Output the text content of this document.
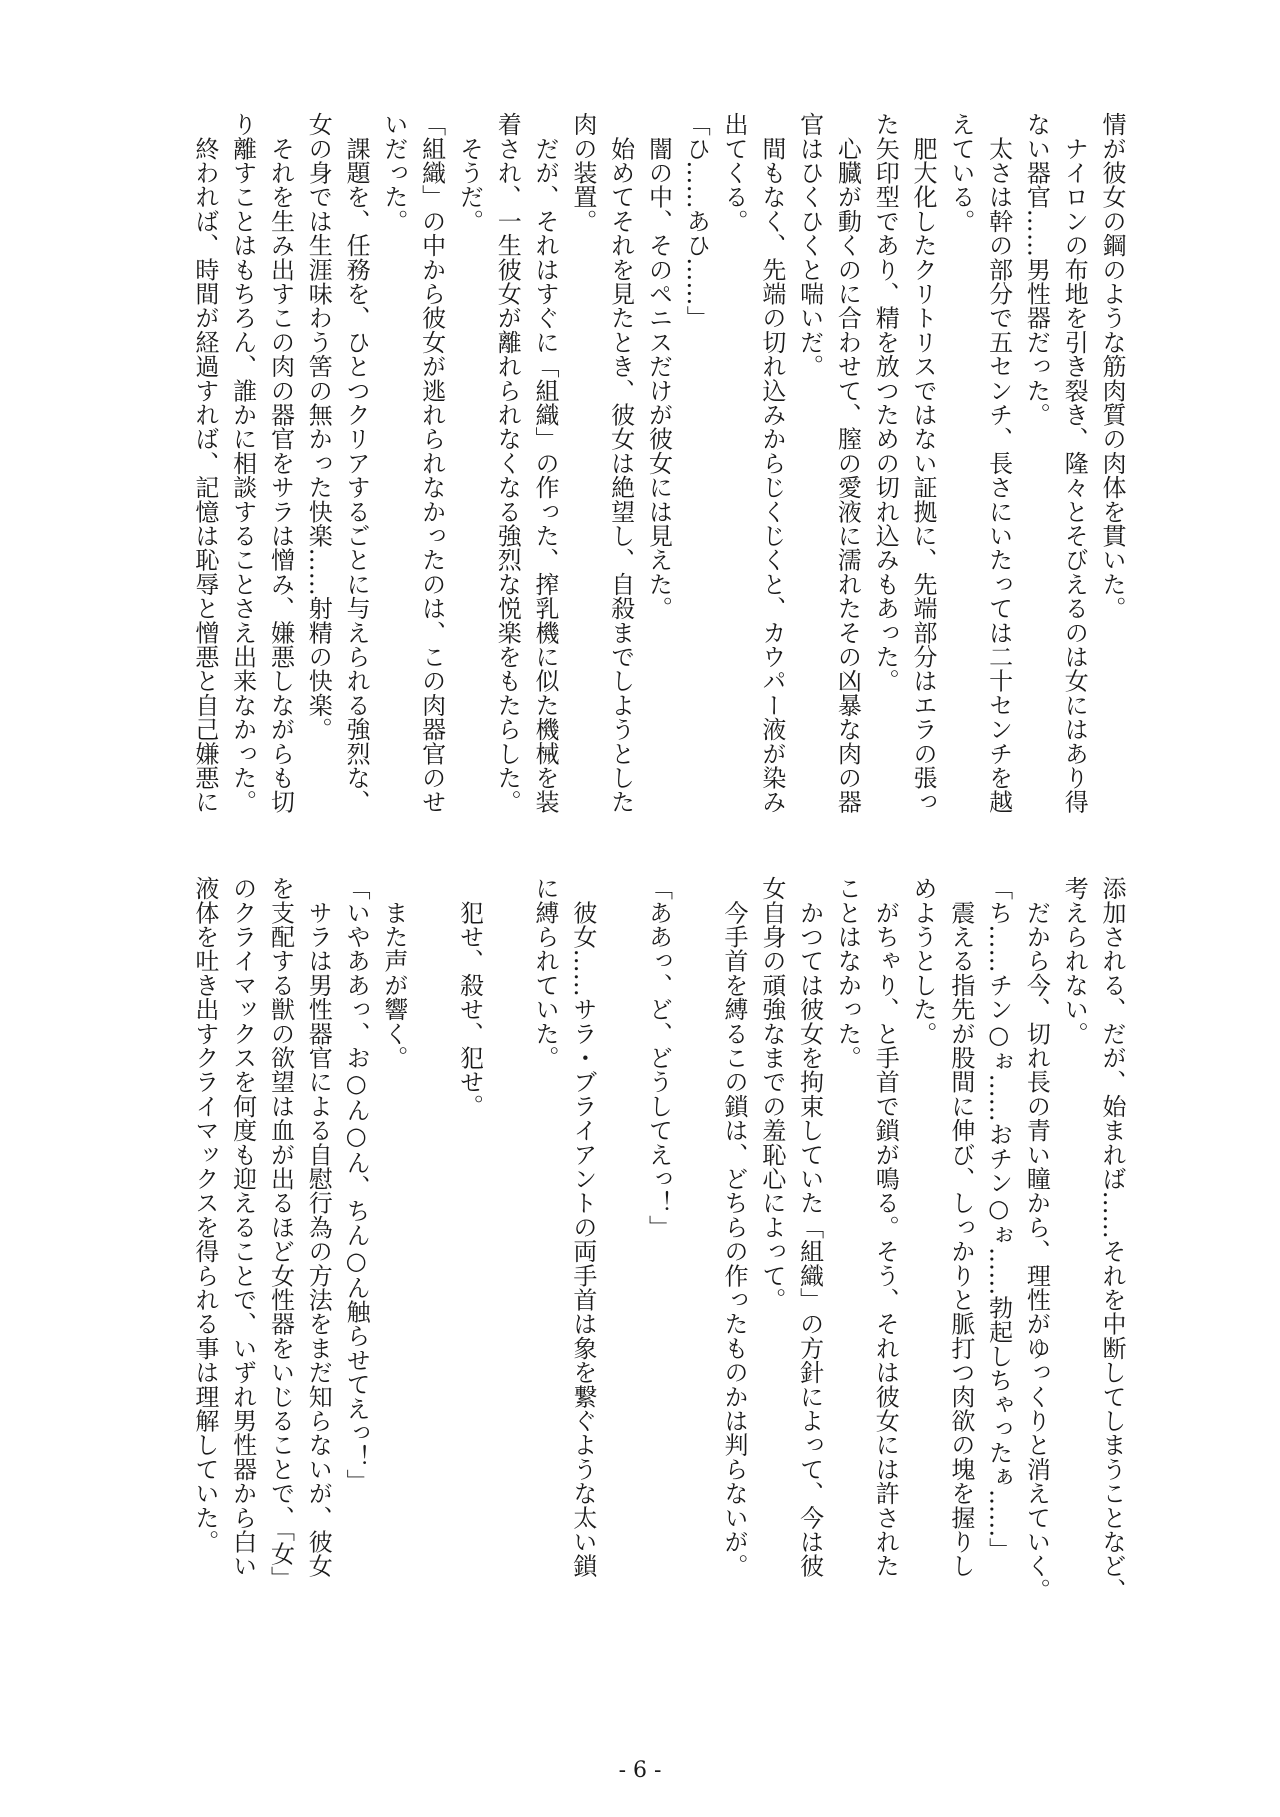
情が彼女の鋼のような筋肉質の肉体を貫いた。

　ナイロンの布地を引き裂き、隆々とそびえるのは女にはあり得

ない器官……男性器だった。

　太さは幹の部分で五センチ、長さにいたっては二十センチを越

えている。

　肥大化したクリトリスではない証拠に、先端部分はエラの張っ

た矢印型であり、精を放つための切れ込みもあった。

　心臓が動くのに合わせて、膣の愛液に濡れたその凶暴な肉の器

官はひくひくと喘いだ。

　間もなく、先端の切れ込みからじくじくと、カウパー液が染み

出てくる。

「ひ……あひ……」

　闇の中、そのペニスだけが彼女には見えた。

　始めてそれを見たとき、彼女は絶望し、自殺までしようとした

肉の装置。

　だが、それはすぐに「組織」の作った、搾乳機に似た機械を装

着され、一生彼女が離れられなくなる強烈な悦楽をもたらした。

　そうだ。

「組織」の中から彼女が逃れられなかったのは、この肉器官のせ

いだった。

　課題を、任務を、ひとつクリアするごとに与えられる強烈な、

女の身では生涯味わう筈の無かった快楽……射精の快楽。

　それを生み出すこの肉の器官をサラは憎み、嫌悪しながらも切

り離すことはもちろん、誰かに相談することさえ出来なかった。

　終われば、時間が経過すれば、記憶は恥辱と憎悪と自己嫌悪に

添加される、だが、始まれば……それを中断してしまうことなど、

考えられない。

　だから今、切れ長の青い瞳から、理性がゆっくりと消えていく。

「ち……チン○ぉ……おチン○ぉ……勃起しちゃったぁ……」

　震える指先が股間に伸び、しっかりと脈打つ肉欲の塊を握りし

めようとした。

　がちゃり、と手首で鎖が鳴る。そう、それは彼女には許された

ことはなかった。

　かつては彼女を拘束していた「組織」の方針によって、今は彼

女自身の頑強なまでの羞恥心によって。

　今手首を縛るこの鎖は、どちらの作ったものかは判らないが。

「ああっ、ど、どうしてえっ！」

　彼女……サラ・ブライアントの両手首は象を繋ぐような太い鎖

に縛られていた。

　犯せ、殺せ、犯せ。

　また声が響く。

「いやああっ、お○ん○ん、ちん○ん触らせてえっ！」

　サラは男性器官による自慰行為の方法をまだ知らないが、彼女

を支配する獣の欲望は血が出るほど女性器をいじることで、「女」

のクライマックスを何度も迎えることで、いずれ男性器から白い

液体を吐き出すクライマックスを得られる事は理解していた。

- 6 -
